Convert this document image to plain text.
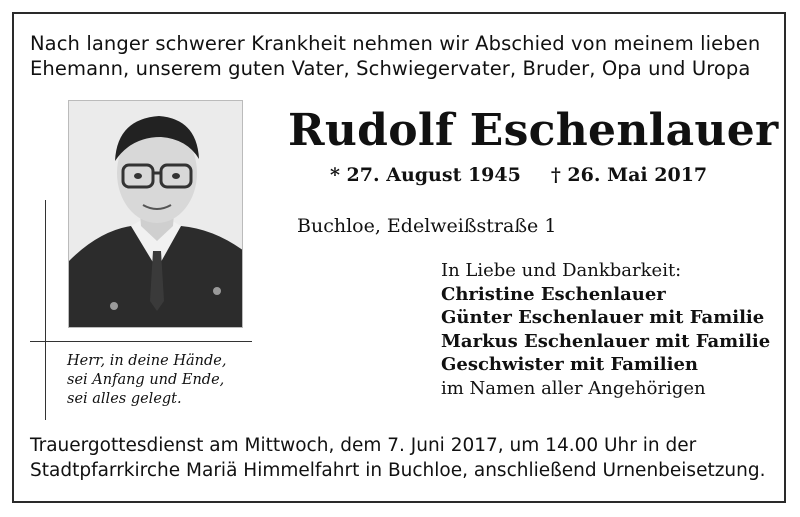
Nach langer schwerer Krankheit nehmen wir Abschied von meinem lieben
Ehemann, unserem guten Vater, Schwiegervater, Bruder, Opa und Uropa
Herr, in deine Hände,
sei Anfang und Ende,
sei alles gelegt.
Rudolf Eschenlauer
* 27. August 1945 † 26. Mai 2017
Buchloe, Edelweißstraße 1
In Liebe und Dankbarkeit:
Christine Eschenlauer
Günter Eschenlauer mit Familie
Markus Eschenlauer mit Familie
Geschwister mit Familien
im Namen aller Angehörigen
Trauergottesdienst am Mittwoch, dem 7. Juni 2017, um 14.00 Uhr in der
Stadtpfarrkirche Mariä Himmelfahrt in Buchloe, anschließend Urnenbeisetzung.
